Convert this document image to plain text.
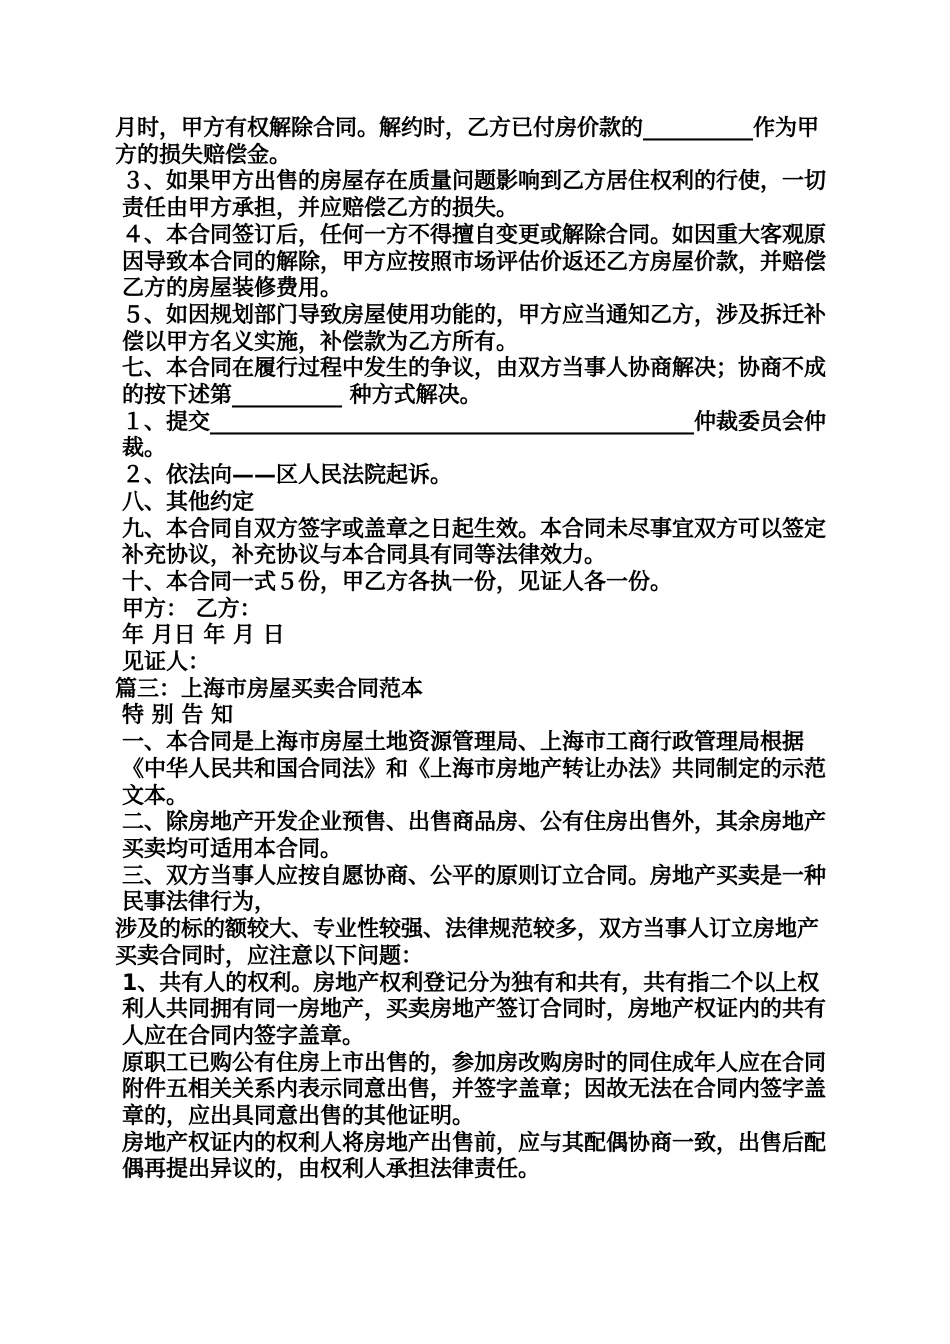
月时，甲方有权解除合同。解约时，乙方已付房价款的__________作为甲方的损失赔偿金。

３、如果甲方出售的房屋存在质量问题影响到乙方居住权利的行使，一切责任由甲方承担，并应赔偿乙方的损失。

４、本合同签订后，任何一方不得擅自变更或解除合同。如因重大客观原因导致本合同的解除，甲方应按照市场评估价返还乙方房屋价款，并赔偿乙方的房屋装修费用。

５、如因规划部门导致房屋使用功能的，甲方应当通知乙方，涉及拆迁补偿以甲方名义实施，补偿款为乙方所有。

七、本合同在履行过程中发生的争议，由双方当事人协商解决；协商不成的按下述第__________ 种方式解决。

１、提交____________________________________________仲裁委员会仲裁。

２、依法向——区人民法院起诉。

八、其他约定

九、本合同自双方签字或盖章之日起生效。本合同未尽事宜双方可以签定补充协议，补充协议与本合同具有同等法律效力。

十、本合同一式５份，甲乙方各执一份，见证人各一份。

甲方： 乙方：

年 月日 年 月 日

见证人：

篇三：上海市房屋买卖合同范本

特 别 告 知

一、本合同是上海市房屋土地资源管理局、上海市工商行政管理局根据《中华人民共和国合同法》和《上海市房地产转让办法》共同制定的示范文本。

二、除房地产开发企业预售、出售商品房、公有住房出售外，其余房地产买卖均可适用本合同。

三、双方当事人应按自愿协商、公平的原则订立合同。房地产买卖是一种民事法律行为，

涉及的标的额较大、专业性较强、法律规范较多，双方当事人订立房地产买卖合同时，应注意以下问题：

1、共有人的权利。房地产权利登记分为独有和共有，共有指二个以上权利人共同拥有同一房地产，买卖房地产签订合同时，房地产权证内的共有人应在合同内签字盖章。

原职工已购公有住房上市出售的，参加房改购房时的同住成年人应在合同附件五相关关系内表示同意出售，并签字盖章；因故无法在合同内签字盖章的，应出具同意出售的其他证明。

房地产权证内的权利人将房地产出售前，应与其配偶协商一致，出售后配偶再提出异议的，由权利人承担法律责任。
